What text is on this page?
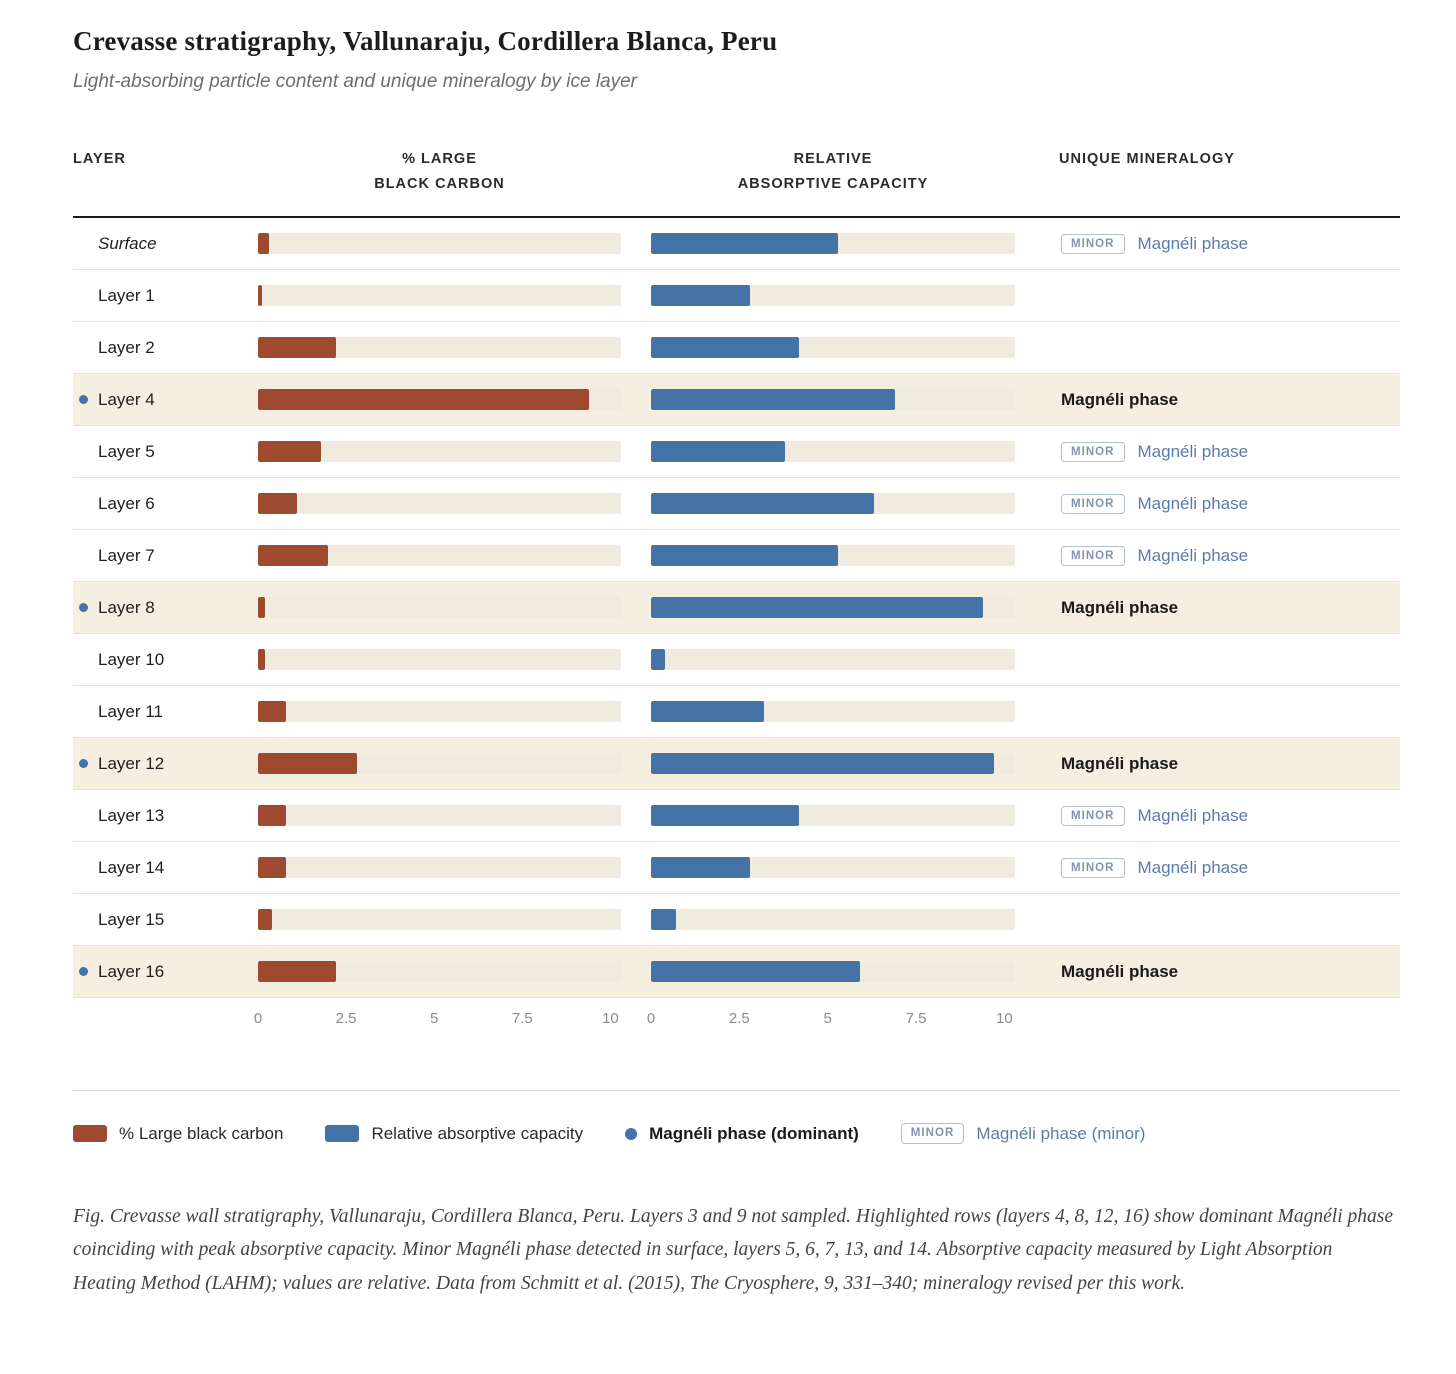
Crevasse stratigraphy, Vallunaraju, Cordillera Blanca, Peru

Light-absorbing particle content and unique mineralogy by ice layer

LAYER	% LARGE
BLACK CARBON
RELATIVE
ABSORPTIVE CAPACITY
UNIQUE MINERALOGY
Surface	MINOR	Magnéli phase
Layer 1
Layer 2
Layer 4	Magnéli phase
Layer 5	MINOR	Magnéli phase
Layer 6	MINOR	Magnéli phase
Layer 7	MINOR	Magnéli phase
Layer 8	Magnéli phase
Layer 10
Layer 11
Layer 12	Magnéli phase
Layer 13	MINOR	Magnéli phase
Layer 14	MINOR	Magnéli phase
Layer 15
Layer 16	Magnéli phase
0	2.5	5	7.5	10 0	2.5	5	7.5	10
% Large black carbon	Relative absorptive capacity	Magnéli phase (dominant)	MINOR	Magnéli phase (minor)

Fig. Crevasse wall stratigraphy, Vallunaraju, Cordillera Blanca, Peru. Layers 3 and 9 not sampled. Highlighted rows (layers 4, 8, 12, 16) show dominant Magnéli phase coinciding with peak absorptive capacity. Minor Magnéli phase detected in surface, layers 5, 6, 7, 13, and 14. Absorptive capacity measured by Light Absorption Heating Method (LAHM); values are relative. Data from Schmitt et al. (2015), The Cryosphere, 9, 331–340; mineralogy revised per this work.
